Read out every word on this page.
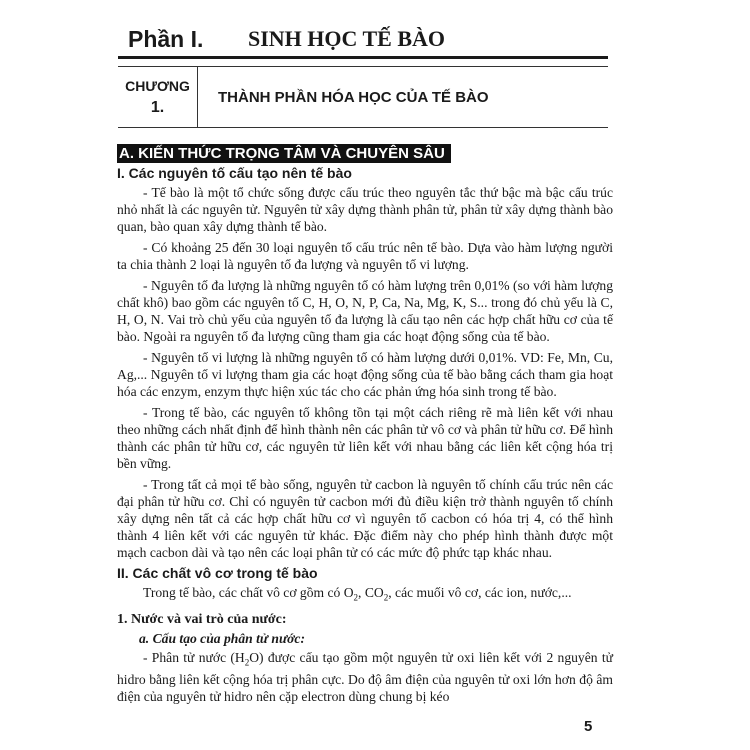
Phần I. SINH HỌC TẾ BÀO
CHƯƠNG
1.
THÀNH PHẦN HÓA HỌC CỦA TẾ BÀO
A. KIẾN THỨC TRỌNG TÂM VÀ CHUYÊN SÂU
I. Các nguyên tố cấu tạo nên tế bào

- Tế bào là một tổ chức sống được cấu trúc theo nguyên tắc thứ bậc mà bậc cấu trúc nhỏ nhất là các nguyên tử. Nguyên tử xây dựng thành phân tử, phân tử xây dựng thành bào quan, bào quan xây dựng thành tế bào.

- Có khoảng 25 đến 30 loại nguyên tố cấu trúc nên tế bào. Dựa vào hàm lượng người ta chia thành 2 loại là nguyên tố đa lượng và nguyên tố vi lượng.

- Nguyên tố đa lượng là những nguyên tố có hàm lượng trên 0,01% (so với hàm lượng chất khô) bao gồm các nguyên tố C, H, O, N, P, Ca, Na, Mg, K, S... trong đó chủ yếu là C, H, O, N. Vai trò chủ yếu của nguyên tố đa lượng là cấu tạo nên các hợp chất hữu cơ của tế bào. Ngoài ra nguyên tố đa lượng cũng tham gia các hoạt động sống của tế bào.

- Nguyên tố vi lượng là những nguyên tố có hàm lượng dưới 0,01%. VD: Fe, Mn, Cu, Ag,... Nguyên tố vi lượng tham gia các hoạt động sống của tế bào bằng cách tham gia hoạt hóa các enzym, enzym thực hiện xúc tác cho các phản ứng hóa sinh trong tế bào.

- Trong tế bào, các nguyên tố không tồn tại một cách riêng rẽ mà liên kết với nhau theo những cách nhất định để hình thành nên các phân tử vô cơ và phân tử hữu cơ. Để hình thành các phân tử hữu cơ, các nguyên tử liên kết với nhau bằng các liên kết cộng hóa trị bền vững.

- Trong tất cả mọi tế bào sống, nguyên tử cacbon là nguyên tố chính cấu trúc nên các đại phân tử hữu cơ. Chỉ có nguyên tử cacbon mới đủ điều kiện trở thành nguyên tố chính xây dựng nên tất cả các hợp chất hữu cơ vì nguyên tố cacbon có hóa trị 4, có thể hình thành 4 liên kết với các nguyên tử khác. Đặc điểm này cho phép hình thành được một mạch cacbon dài và tạo nên các loại phân tử có các mức độ phức tạp khác nhau.

II. Các chất vô cơ trong tế bào

Trong tế bào, các chất vô cơ gồm có $O_2$, $CO_2$, các muối vô cơ, các ion, nước,...

1. Nước và vai trò của nước:
a. Cấu tạo của phân tử nước:

- Phân tử nước $(H_2O)$ được cấu tạo gồm một nguyên tử oxi liên kết với 2 nguyên tử hidro bằng liên kết cộng hóa trị phân cực. Do độ âm điện của nguyên tử oxi lớn hơn độ âm điện của nguyên tử hidro nên cặp electron dùng chung bị kéo

5
